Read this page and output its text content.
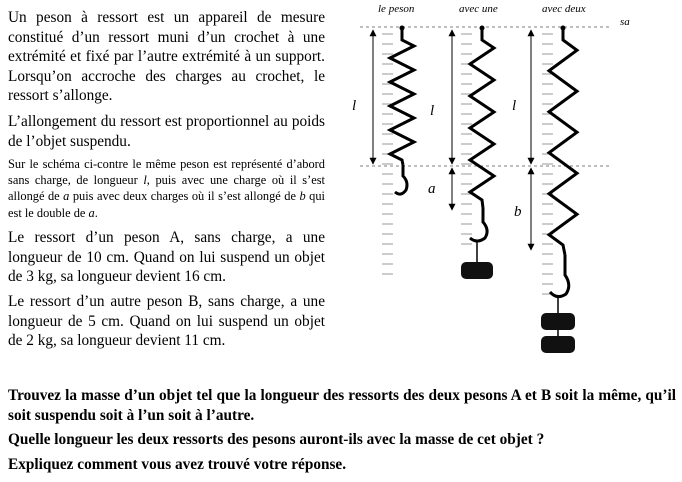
Un peson à ressort est un appareil de mesure constitué d’un ressort muni d’un crochet à une extrémité et fixé par l’autre extrémité à un support. Lorsqu’on accroche des charges au crochet, le ressort s’allonge.

L’allongement du ressort est proportionnel au poids de l’objet suspendu.

Sur le schéma ci-contre le même peson est représenté d’abord sans charge, de longueur l, puis avec une charge où il s’est allongé de a puis avec deux charges où il s’est allongé de b qui est le double de a.

Le ressort d’un peson A, sans charge, a une longueur de 10 cm. Quand on lui suspend un objet de 3 kg, sa longueur devient 16 cm.

Le ressort d’un autre peson B, sans charge, a une longueur de 5 cm. Quand on lui suspend un objet de 2 kg, sa longueur devient 11 cm.

Trouvez la masse d’un objet tel que la longueur des ressorts des deux pesons A et B soit la même, qu’il soit suspendu soit à l’un soit à l’autre.

Quelle longueur les deux ressorts des pesons auront-ils avec la masse de cet objet ?

Expliquez comment vous avez trouvé votre réponse.

le peson	avec une	avec deux
sa
l	l	l
a
b
